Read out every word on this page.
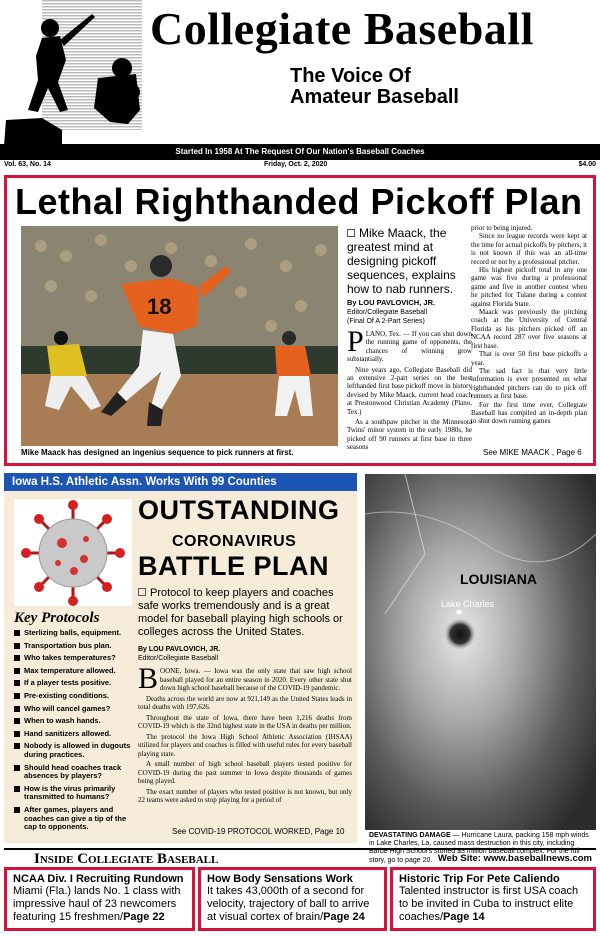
Collegiate Baseball
The Voice Of
Amateur Baseball
Started In 1958 At The Request Of Our Nation's Baseball Coaches
Vol. 63, No. 14	Friday, Oct. 2, 2020	$4.00
Lethal Righthanded Pickoff Plan
18
Mike Maack has designed an ingenius sequence to pick runners at first.
Mike Maack, the greatest mind at designing pickoff sequences, explains how to nab runners.
By LOU PAVLOVICH, JR.
Editor/Collegiate Baseball
(Final Of A 2-Part Series)
P LANO, Tex. — If you can shut down the running game of opponents, the chances of winning grow substantially.

Nine years ago, Collegiate Baseball did an extensive 2-part series on the best lefthanded first base pickoff move in history devised by Mike Maack, current head coach at Prestonwood Christian Academy (Plano, Tex.)

As a southpaw pitcher in the Minnesota Twins' minor system in the early 1980s, he picked off 90 runners at first base in three seasons

prior to being injured.

Since no league records were kept at the time for actual pickoffs by pitchers, it is not known if this was an all-time record or not by a professional pitcher.

His highest pickoff total in any one game was five during a professional game and five in another contest when he pitched for Tulane during a contest against Florida State.

Maack was previously the pitching coach at the University of Central Florida as his pitchers picked off an NCAA record 287 over five seasons at first base.

That is over 50 first base pickoffs a year.

The sad fact is that very little information is ever presented on what righthanded pitchers can do to pick off runners at first base.

For the first time ever, Collegiate Baseball has compiled an in-depth plan to shut down running games

See MIKE MAACK , Page 6
Iowa H.S. Athletic Assn. Works With 99 Counties
Key Protocols
Sterlizing balls, equipment.
Transportation bus plan.
Who takes temperatures?
Max temperature allowed.
If a player tests positive.
Pre-existing conditions.
Who will cancel games?
When to wash hands.
Hand sanitizers allowed.
Nobody is allowed in dugouts during practices.
Should head coaches track absences by players?
How is the virus primarily transmitted to humans?
After games, players and coaches can give a tip of the cap to opponents.
OUTSTANDING
CORONAVIRUS
BATTLE PLAN
Protocol to keep players and coaches safe works tremendously and is a great model for baseball playing high schools or colleges across the United States.
By LOU PAVLOVICH, JR.
Editor/Collegiate Baseball
B OONE, Iowa. — Iowa was the only state that saw high school baseball played for an entire season in 2020. Every other state shut down high school baseball because of the COVID-19 pandemic.

Deaths across the world are now at 921,149 as the United States leads in total deaths with 197,626.

Throughout the state of Iowa, there have been 1,216 deaths from COVID-19 which is the 32nd highest state in the USA in deaths per million.

The protocol the Iowa High School Athletic Association (IHSAA) utilized for players and coaches is filled with useful rules for every baseball playing state.

A small number of high school baseball players tested positive for COVID-19 during the past summer in Iowa despite thousands of games being played.

The exact number of players who tested positive is not known, but only 22 teams were asked to stop playing for a period of

See COVID-19 PROTOCOL WORKED, Page 10
LOUISIANA
Lake Charles
DEVASTATING DAMAGE — Hurricane Laura, packing 158 mph winds in Lake Charles, La, caused mass destruction in this city, including Barbe High School's storied $3 million baseball complex. For the full story, go to page 20.
Inside Collegiate Baseball	Web Site: www.baseballnews.com
NCAA Div. I Recruiting Rundown
Miami (Fla.) lands No. 1 class with impressive haul of 23 newcomers featuring 15 freshmen/Page 22
How Body Sensations Work
It takes 43,000th of a second for velocity, trajectory of ball to arrive at visual cortex of brain/Page 24
Historic Trip For Pete Caliendo
Talented instructor is first USA coach to be invited in Cuba to instruct elite coaches/Page 14
